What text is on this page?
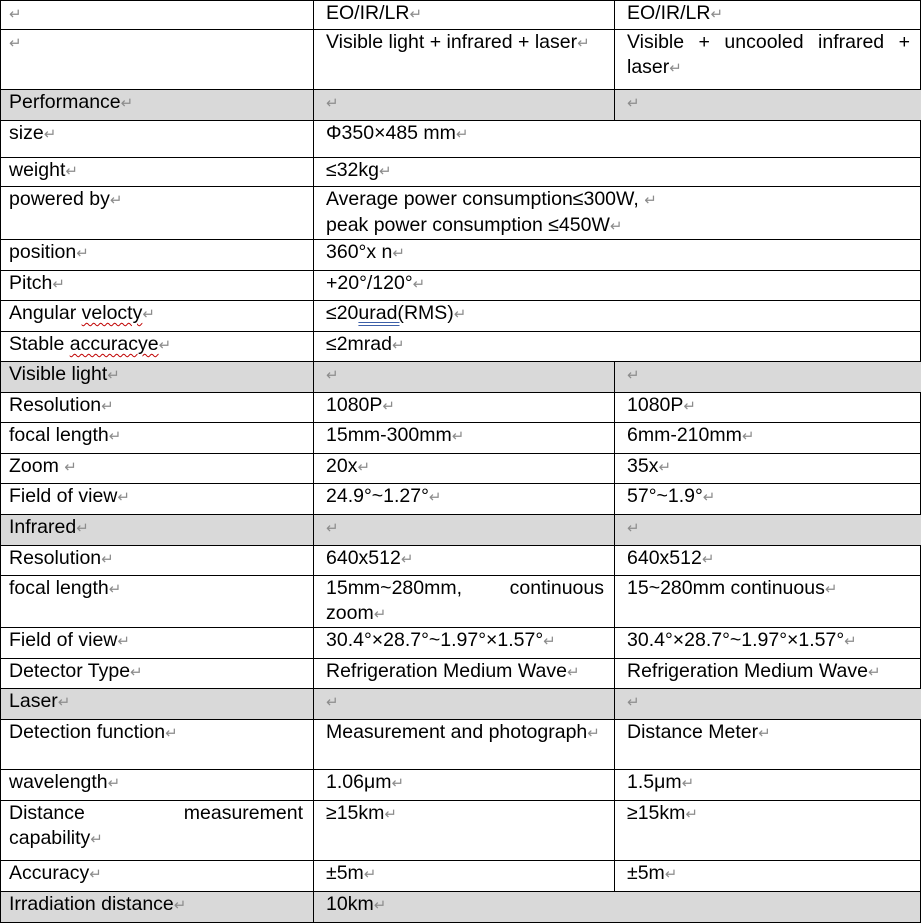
↵	EO/IR/LR↵	EO/IR/LR↵
↵	Visible light + infrared + laser↵	Visible + uncooled infrared + laser↵
Performance↵	↵	↵
size↵	Φ350×485 mm↵	
weight↵	≤32kg↵	
powered by↵	Average power consumption≤300W, ↵
peak power consumption ≤450W↵	
position↵	360°x n↵	
Pitch↵	+20°/120°↵	
Angular velocty↵	≤20urad(RMS)↵	
Stable accuracye↵	≤2mrad↵	
Visible light↵	↵	↵
Resolution↵	1080P↵	1080P↵
focal length↵	15mm-300mm↵	6mm-210mm↵
Zoom ↵	20x↵	35x↵
Field of view↵	24.9°~1.27°↵	57°~1.9°↵
Infrared↵	↵	↵
Resolution↵	640x512↵	640x512↵
focal length↵	15mm~280mm, continuous zoom↵	15~280mm continuous↵
Field of view↵	30.4°×28.7°~1.97°×1.57°↵	30.4°×28.7°~1.97°×1.57°↵
Detector Type↵	Refrigeration Medium Wave↵	Refrigeration Medium Wave↵
Laser↵	↵	↵
Detection function↵	Measurement and photograph↵	Distance Meter↵
wavelength↵	1.06μm↵	1.5μm↵
Distance measurement capability↵	≥15km↵	≥15km↵
Accuracy↵	±5m↵	±5m↵
Irradiation distance↵	10km↵	
